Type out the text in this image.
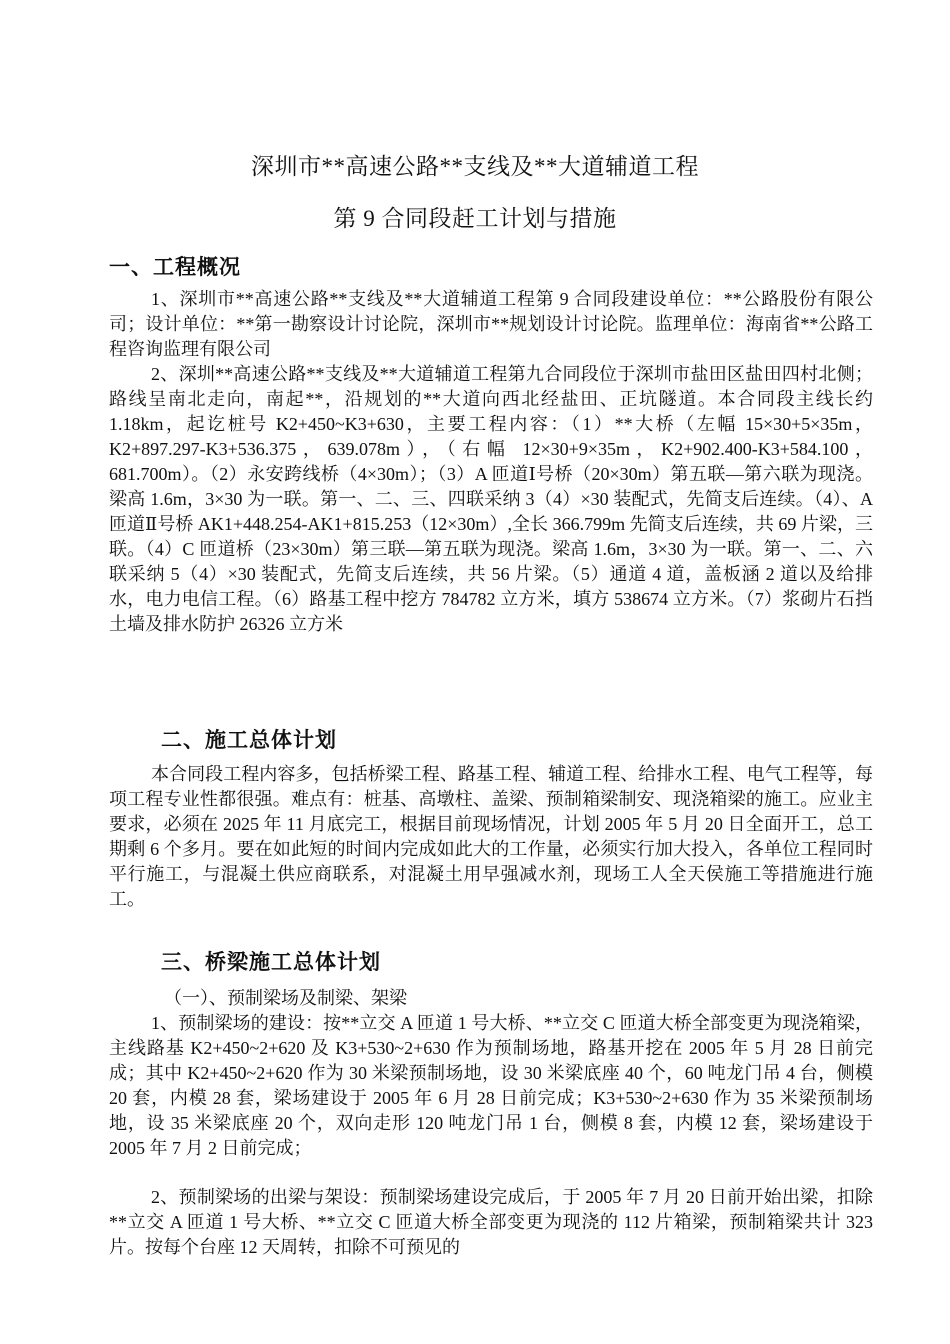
深圳市**高速公路**支线及**大道辅道工程
第 9 合同段赶工计划与措施
一、工程概况
1、深圳市**高速公路**支线及**大道辅道工程第 9 合同段建设单位：**公路股份有限公司；设计单位：**第一勘察设计讨论院，深圳市**规划设计讨论院。监理单位：海南省**公路工程咨询监理有限公司
2、深圳**高速公路**支线及**大道辅道工程第九合同段位于深圳市盐田区盐田四村北侧；路线呈南北走向，南起**，沿规划的**大道向西北经盐田、正坑隧道。本合同段主线长约 1.18km，起讫桩号 K2+450~K3+630，主要工程内容：（1）**大桥（左幅 15×30+5×35m，K2+897.297-K3+536.375，639.078m），（右幅 12×30+9×35m，K2+902.400-K3+584.100，681.700m）。（2）永安跨线桥（4×30m）；（3）A 匝道Ⅰ号桥（20×30m）第五联—第六联为现浇。梁高 1.6m，3×30 为一联。第一、二、三、四联采纳 3（4）×30 装配式，先简支后连续。（4）、A 匝道Ⅱ号桥 AK1+448.254-AK1+815.253（12×30m）,全长 366.799m 先简支后连续，共 69 片梁，三联。（4）C 匝道桥（23×30m）第三联—第五联为现浇。梁高 1.6m，3×30 为一联。第一、二、六联采纳 5（4）×30 装配式，先简支后连续，共 56 片梁。（5）通道 4 道，盖板涵 2 道以及给排水，电力电信工程。（6）路基工程中挖方 784782 立方米，填方 538674 立方米。（7）浆砌片石挡土墙及排水防护 26326 立方米
二、施工总体计划
本合同段工程内容多，包括桥梁工程、路基工程、辅道工程、给排水工程、电气工程等，每项工程专业性都很强。难点有：桩基、高墩柱、盖梁、预制箱梁制安、现浇箱梁的施工。应业主要求，必须在 2025 年 11 月底完工，根据目前现场情况，计划 2005 年 5 月 20 日全面开工，总工期剩 6 个多月。要在如此短的时间内完成如此大的工作量，必须实行加大投入，各单位工程同时平行施工，与混凝土供应商联系，对混凝土用早强减水剂，现场工人全天侯施工等措施进行施工。
三、桥梁施工总体计划
（一）、预制梁场及制梁、架梁
1、预制梁场的建设：按**立交 A 匝道 1 号大桥、**立交 C 匝道大桥全部变更为现浇箱梁，主线路基 K2+450~2+620 及 K3+530~2+630 作为预制场地，路基开挖在 2005 年 5 月 28 日前完成；其中 K2+450~2+620 作为 30 米梁预制场地，设 30 米梁底座 40 个，60 吨龙门吊 4 台，侧模 20 套，内模 28 套，梁场建设于 2005 年 6 月 28 日前完成；K3+530~2+630 作为 35 米梁预制场地，设 35 米梁底座 20 个，双向走形 120 吨龙门吊 1 台，侧模 8 套，内模 12 套，梁场建设于 2005 年 7 月 2 日前完成；
2、预制梁场的出梁与架设：预制梁场建设完成后，于 2005 年 7 月 20 日前开始出梁，扣除**立交 A 匝道 1 号大桥、**立交 C 匝道大桥全部变更为现浇的 112 片箱梁，预制箱梁共计 323 片。按每个台座 12 天周转，扣除不可预见的
